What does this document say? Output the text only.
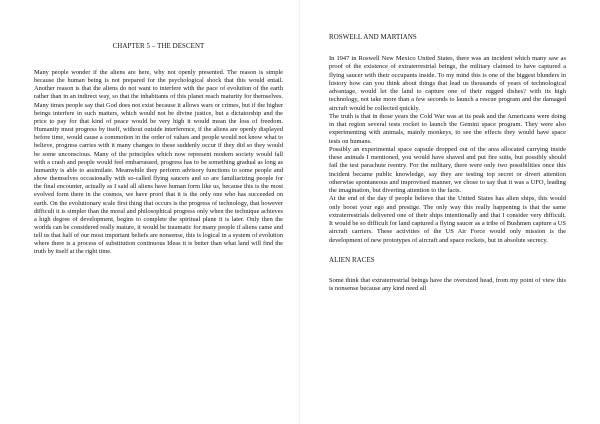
CHAPTER 5 – THE DESCENT

Many people wonder if the aliens are here, why not openly presented. The reason is simple because the human being is not prepared for the psychological shock that this would entail. Another reason is that the aliens do not want to interfere with the pace of evolution of the earth rather than in an indirect way, so that the inhabitants of this planet reach maturity for themselves. Many times people say that God does not exist because it allows wars or crimes, but if the higher beings interfere in such matters, which would not be divine justice, but a dictatorship and the price to pay for that kind of peace would be very high it would mean the loss of freedom. Humanity must progress by itself, without outside interference, if the aliens are openly displayed before time, would cause a commotion in the order of values and people would not know what to believe, progress carries with it many changes to these suddenly occur if they did so they would be some unconscious. Many of the principles which now represent modern society would fall with a crash and people would feel embarrassed, progress has to be something gradual as long as humanity is able to assimilate. Meanwhile they perform advisory functions to some people and show themselves occasionally with so-called flying saucers and so are familiarizing people for the final encounter, actually as I said all aliens have human form like us, because this is the most evolved form there in the cosmos, we have proof that it is the only one who has succeeded on earth. On the evolutionary scale first thing that occurs is the progress of technology, that however difficult it is simpler than the moral and philosophical progress only when the technique achieves a high degree of development, begins to complete the spiritual plane it is later. Only then the worlds can be considered really mature, it would be traumatic for many people if aliens came and tell us that half of our most important beliefs are nonsense, this is logical in a system of evolution where there is a process of substitution continuous Ideas it is better than what land will find the truth by itself at the right time.

ROSWELL AND MARTIANS

In 1947 in Roswell New Mexico United States, there was an incident which many saw as proof of the existence of extraterrestrial beings, the military claimed to have captured a flying saucer with their occupants inside. To my mind this is one of the biggest blunders in history how can you think about things that lead us thousands of years of technological advantage, would let the land to capture one of their rugged dishes? with its high technology, not take more than a few seconds to launch a rescue program and the damaged aircraft would be collected quickly.

The truth is that in those years the Cold War was at its peak and the Americans were doing in that region several tests rocket to launch the Gemini space program. They were also experimenting with animals, mainly monkeys, to see the effects they would have space tests on humans.

Possibly an experimental space capsule dropped out of the area allocated carrying inside these animals I mentioned, you would have shaved and put fire suits, but possibly should fail the test parachute reentry. For the military, there were only two possibilities once this incident became public knowledge, say they are testing top secret or divert attention otherwise spontaneous and improvised manner, we chose to say that it was a UFO, leading the imagination, but diverting attention to the facts.

At the end of the day if people believe that the United States has alien ships, this would only boost your ego and prestige. The only way this really happening is that the same extraterrestrials delivered one of their ships intentionally and that I consider very difficult. It would be so difficult for land captured a flying saucer as a tribe of Bushmen capture a US aircraft carriers. These activities of the US Air Force would only mission is the development of new prototypes of aircraft and space rockets, but in absolute secrecy.

ALIEN RACES

Some think that extraterrestrial beings have the oversized head, from my point of view this is nonsense because any kind need all
